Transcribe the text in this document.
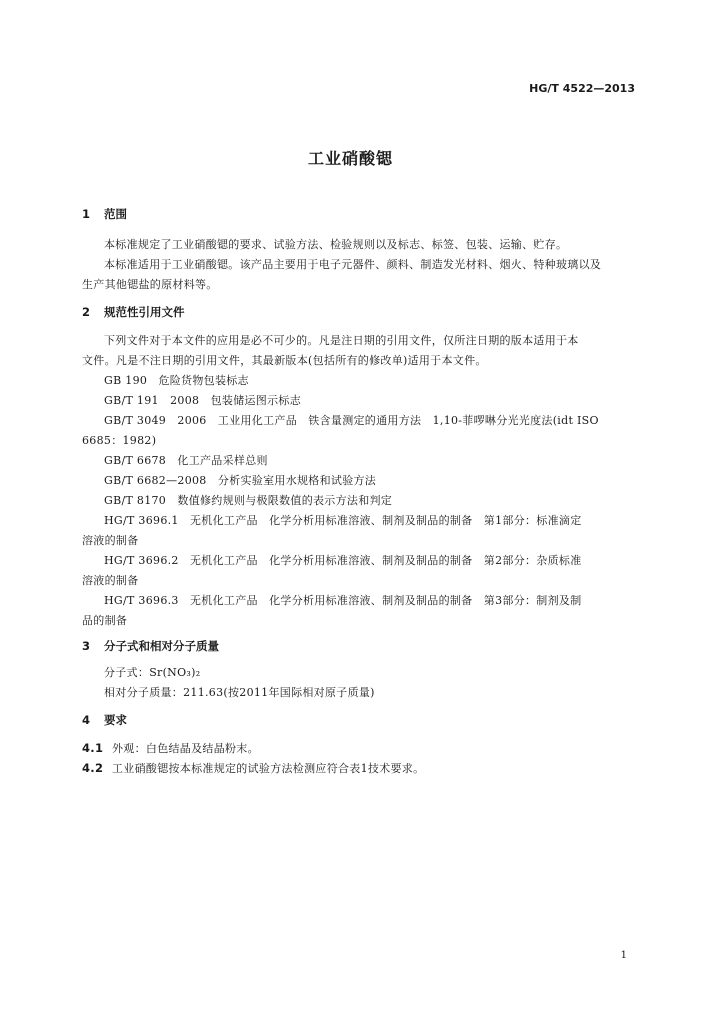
HG/T 4522—2013
工业硝酸锶
1 范围
本标准规定了工业硝酸锶的要求、试验方法、检验规则以及标志、标签、包装、运输、贮存。
本标准适用于工业硝酸锶。该产品主要用于电子元器件、颜料、制造发光材料、烟火、特种玻璃以及
生产其他锶盐的原材料等。
2 规范性引用文件
下列文件对于本文件的应用是必不可少的。凡是注日期的引用文件，仅所注日期的版本适用于本
文件。凡是不注日期的引用文件，其最新版本(包括所有的修改单)适用于本文件。
GB 190　危险货物包装标志
GB/T 191　2008　包装储运图示标志
GB/T 3049　2006　工业用化工产品　铁含量测定的通用方法　1,10-菲啰啉分光光度法(idt ISO
6685：1982)
GB/T 6678　化工产品采样总则
GB/T 6682—2008　分析实验室用水规格和试验方法
GB/T 8170　数值修约规则与极限数值的表示方法和判定
HG/T 3696.1　无机化工产品　化学分析用标准溶液、制剂及制品的制备　第1部分：标准滴定
溶液的制备
HG/T 3696.2　无机化工产品　化学分析用标准溶液、制剂及制品的制备　第2部分：杂质标准
溶液的制备
HG/T 3696.3　无机化工产品　化学分析用标准溶液、制剂及制品的制备　第3部分：制剂及制
品的制备
3 分子式和相对分子质量
分子式：Sr(NO₃)₂
相对分子质量：211.63(按2011年国际相对原子质量)
4 要求
4.1 外观：白色结晶及结晶粉末。
4.2 工业硝酸锶按本标准规定的试验方法检测应符合表1技术要求。
1
